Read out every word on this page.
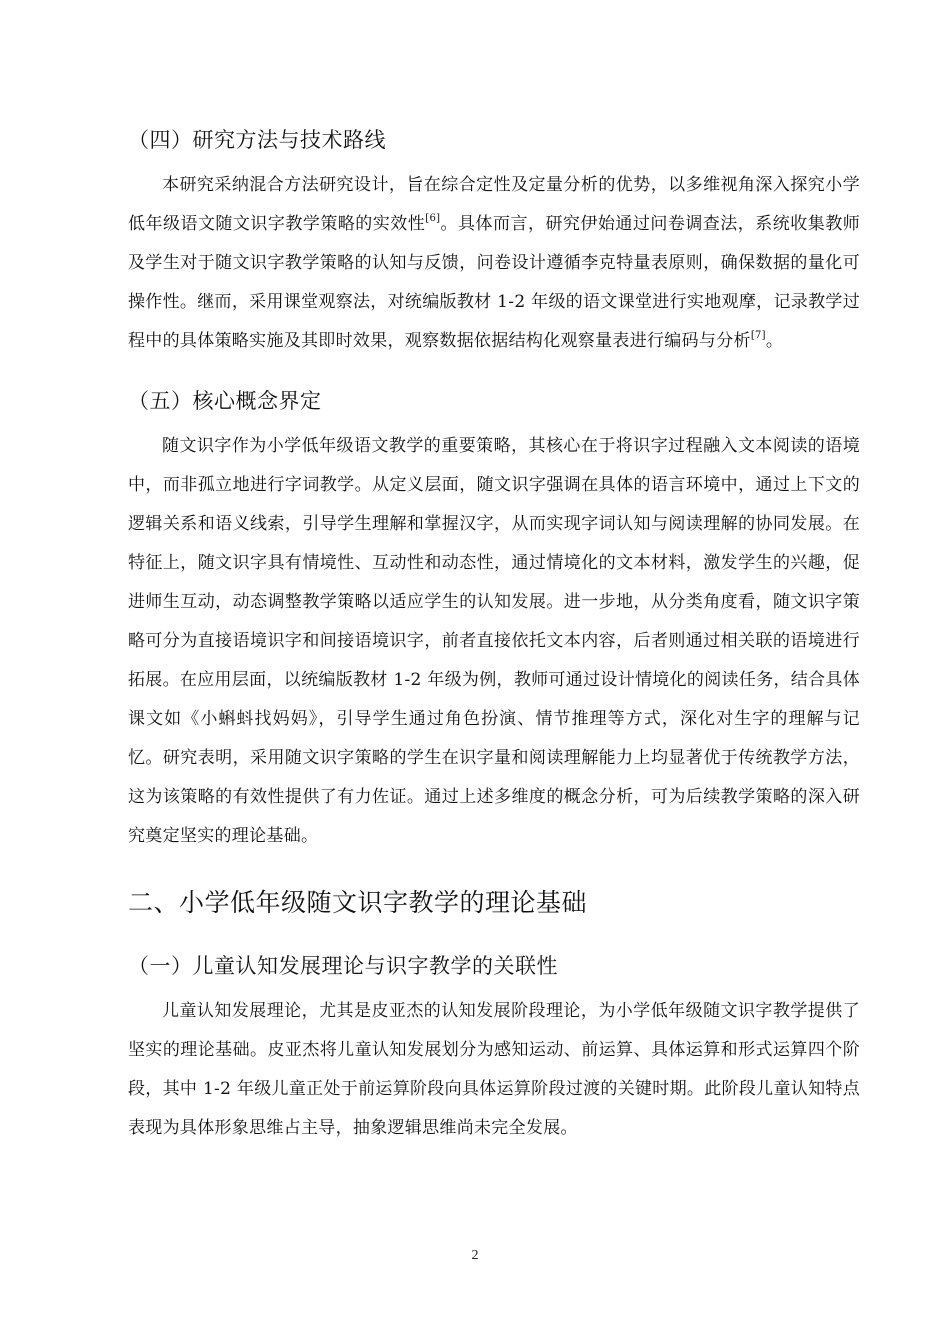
（四）研究方法与技术路线

本研究采纳混合方法研究设计，旨在综合定性及定量分析的优势，以多维视角深入探究小学低年级语文随文识字教学策略的实效性[6]。具体而言，研究伊始通过问卷调查法，系统收集教师及学生对于随文识字教学策略的认知与反馈，问卷设计遵循李克特量表原则，确保数据的量化可操作性。继而，采用课堂观察法，对统编版教材 1-2 年级的语文课堂进行实地观摩，记录教学过程中的具体策略实施及其即时效果，观察数据依据结构化观察量表进行编码与分析[7]。

（五）核心概念界定

随文识字作为小学低年级语文教学的重要策略，其核心在于将识字过程融入文本阅读的语境中，而非孤立地进行字词教学。从定义层面，随文识字强调在具体的语言环境中，通过上下文的逻辑关系和语义线索，引导学生理解和掌握汉字，从而实现字词认知与阅读理解的协同发展。在特征上，随文识字具有情境性、互动性和动态性，通过情境化的文本材料，激发学生的兴趣，促进师生互动，动态调整教学策略以适应学生的认知发展。进一步地，从分类角度看，随文识字策略可分为直接语境识字和间接语境识字，前者直接依托文本内容，后者则通过相关联的语境进行拓展。在应用层面，以统编版教材 1-2 年级为例，教师可通过设计情境化的阅读任务，结合具体课文如《小蝌蚪找妈妈》，引导学生通过角色扮演、情节推理等方式，深化对生字的理解与记忆。研究表明，采用随文识字策略的学生在识字量和阅读理解能力上均显著优于传统教学方法，这为该策略的有效性提供了有力佐证。通过上述多维度的概念分析，可为后续教学策略的深入研究奠定坚实的理论基础。

二、小学低年级随文识字教学的理论基础
（一）儿童认知发展理论与识字教学的关联性

儿童认知发展理论，尤其是皮亚杰的认知发展阶段理论，为小学低年级随文识字教学提供了坚实的理论基础。皮亚杰将儿童认知发展划分为感知运动、前运算、具体运算和形式运算四个阶段，其中 1-2 年级儿童正处于前运算阶段向具体运算阶段过渡的关键时期。此阶段儿童认知特点表现为具体形象思维占主导，抽象逻辑思维尚未完全发展。

2
